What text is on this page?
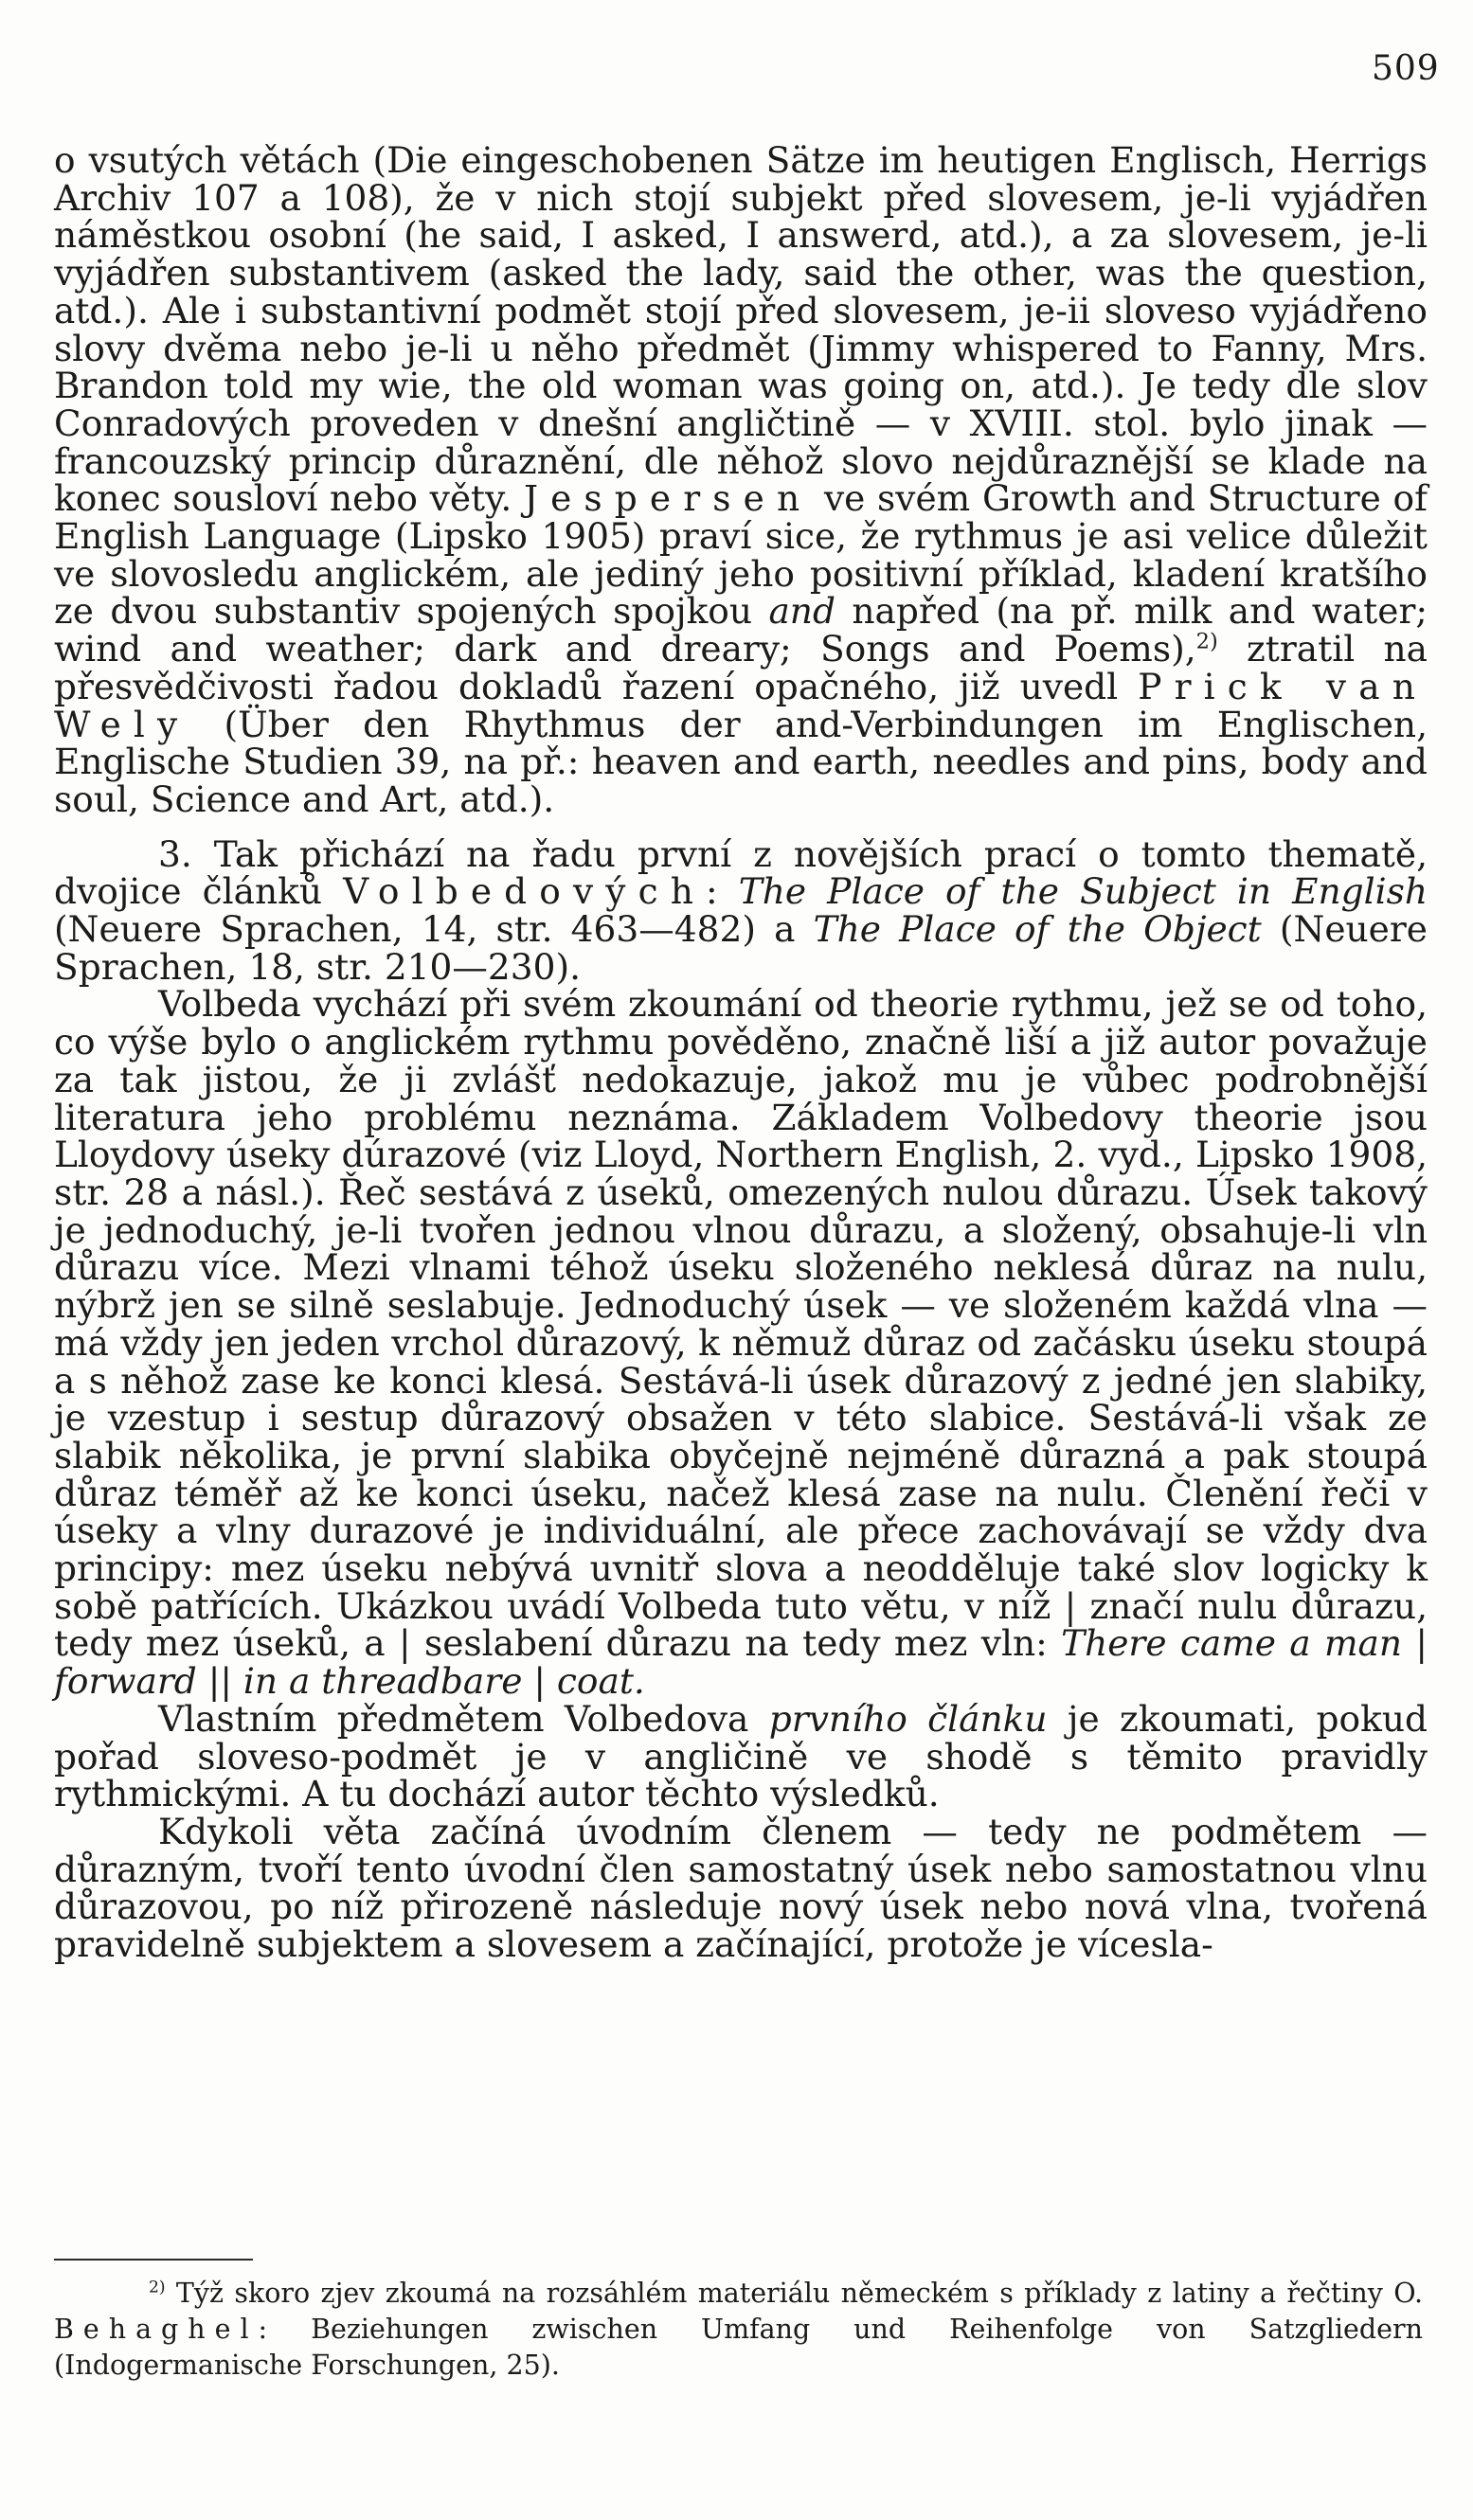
509

o vsutých větách (Die eingeschobenen Sätze im heutigen Englisch, Herrigs Archiv 107 a 108), že v nich stojí subjekt před slovesem, je-li vyjádřen náměstkou osobní (he said, I asked, I answerd, atd.), a za slovesem, je-li vyjádřen substantivem (asked the lady, said the other, was the question, atd.). Ale i substantivní podmět stojí před slovesem, je-ii sloveso vyjádřeno slovy dvěma nebo je-li u něho předmět (Jimmy whispered to Fanny, Mrs. Brandon told my wie, the old woman was going on, atd.). Je tedy dle slov Conradových proveden v dnešní angličtině — v XVIII. stol. bylo jinak — francouzský princip důraznění, dle něhož slovo nejdůraznější se klade na konec sousloví nebo věty. Jespersen ve svém Growth and Structure of English Language (Lipsko 1905) praví sice, že rythmus je asi velice důležit ve slovosledu anglickém, ale jediný jeho positivní příklad, kladení kratšího ze dvou substantiv spojených spojkou and napřed (na př. milk and water; wind and weather; dark and dreary; Songs and Poems),$^{2)}$ ztratil na přesvědčivosti řadou dokladů řazení opačného, již uvedl Prick van Wely (Über den Rhythmus der and-Verbindungen im Englischen, Englische Studien 39, na př.: heaven and earth, needles and pins, body and soul, Science and Art, atd.).

3. Tak přichází na řadu první z novějších prací o tomto thematě, dvojice článků Volbedových: The Place of the Subject in English (Neuere Sprachen, 14, str. 463—482) a The Place of the Object (Neuere Sprachen, 18, str. 210—230).

Volbeda vychází při svém zkoumání od theorie rythmu, jež se od toho, co výše bylo o anglickém rythmu pověděno, značně liší a již autor považuje za tak jistou, že ji zvlášť nedokazuje, jakož mu je vůbec podrobnější literatura jeho problému neznáma. Základem Volbedovy theorie jsou Lloydovy úseky dúrazové (viz Lloyd, Northern English, 2. vyd., Lipsko 1908, str. 28 a násl.). Řeč sestává z úseků, omezených nulou důrazu. Úsek takový je jednoduchý, je-li tvořen jednou vlnou důrazu, a složený, obsahuje-li vln důrazu více. Mezi vlnami téhož úseku složeného neklesá důraz na nulu, nýbrž jen se silně seslabuje. Jednoduchý úsek — ve složeném každá vlna — má vždy jen jeden vrchol důrazový, k němuž důraz od začásku úseku stoupá a s něhož zase ke konci klesá. Sestává-li úsek důrazový z jedné jen slabiky, je vzestup i sestup důrazový obsažen v této slabice. Sestává-li však ze slabik několika, je první slabika obyčejně nejméně důrazná a pak stoupá důraz téměř až ke konci úseku, načež klesá zase na nulu. Členění řeči v úseky a vlny durazové je individuální, ale přece zachovávají se vždy dva principy: mez úseku nebývá uvnitř slova a neodděluje také slov logicky k sobě patřících. Ukázkou uvádí Volbeda tuto větu, v níž | značí nulu důrazu, tedy mez úseků, a | seslabení důrazu na tedy mez vln: There came a man | forward || in a threadbare | coat.

Vlastním předmětem Volbedova prvního článku je zkoumati, pokud pořad sloveso-podmět je v angličině ve shodě s těmito pravidly rythmickými. A tu dochází autor těchto výsledků.

Kdykoli věta začíná úvodním členem — tedy ne podmětem — důrazným, tvoří tento úvodní člen samostatný úsek nebo samostatnou vlnu důrazovou, po níž přirozeně následuje nový úsek nebo nová vlna, tvořená pravidelně subjektem a slovesem a začínající, protože je vícesla-

$^{2)}$ Týž skoro zjev zkoumá na rozsáhlém materiálu německém s příklady z latiny a řečtiny O. Behaghel: Beziehungen zwischen Umfang und Reihenfolge von Satzgliedern (Indogermanische Forschungen, 25).
